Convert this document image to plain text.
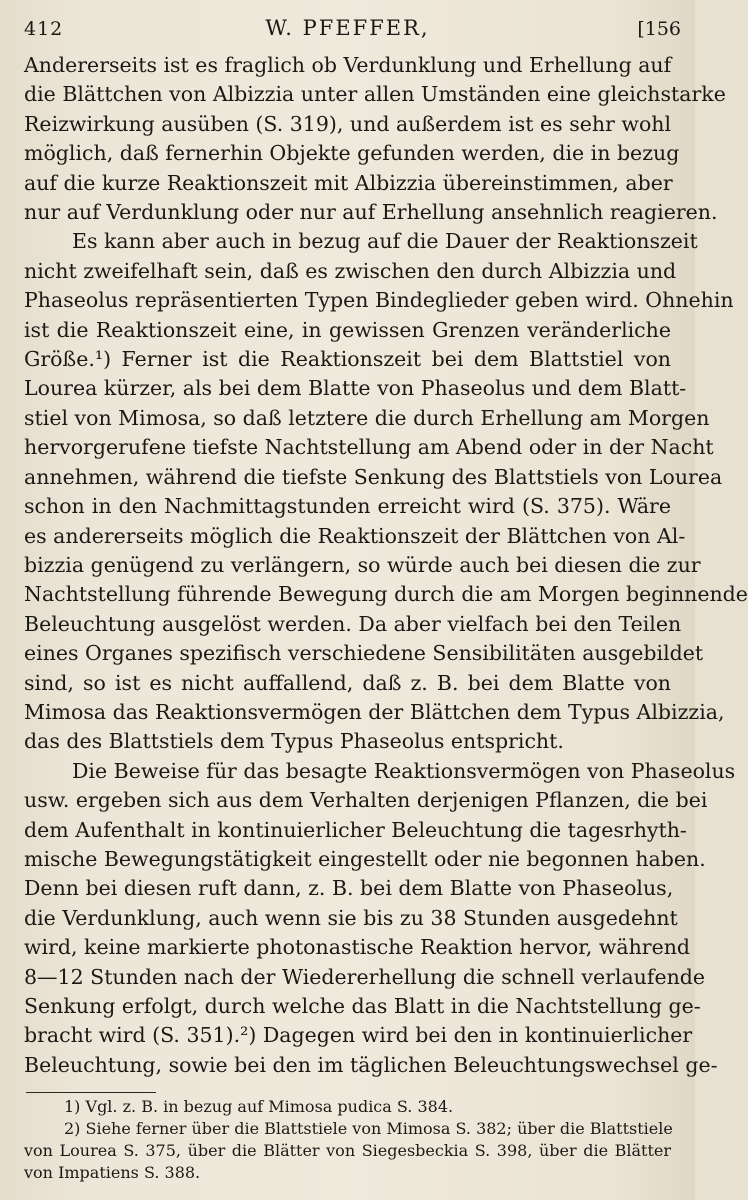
412	W. PFEFFER,	[156
Andererseits ist es fraglich ob Verdunklung und Erhellung auf
die Blättchen von Albizzia unter allen Umständen eine gleichstarke
Reizwirkung ausüben (S. 319), und außerdem ist es sehr wohl
möglich, daß fernerhin Objekte gefunden werden, die in bezug
auf die kurze Reaktionszeit mit Albizzia übereinstimmen, aber
nur auf Verdunklung oder nur auf Erhellung ansehnlich reagieren.
Es kann aber auch in bezug auf die Dauer der Reaktionszeit
nicht zweifelhaft sein, daß es zwischen den durch Albizzia und
Phaseolus repräsentierten Typen Bindeglieder geben wird. Ohnehin
ist die Reaktionszeit eine, in gewissen Grenzen veränderliche
Größe.¹) Ferner ist die Reaktionszeit bei dem Blattstiel von
Lourea kürzer, als bei dem Blatte von Phaseolus und dem Blatt-
stiel von Mimosa, so daß letztere die durch Erhellung am Morgen
hervorgerufene tiefste Nachtstellung am Abend oder in der Nacht
annehmen, während die tiefste Senkung des Blattstiels von Lourea
schon in den Nachmittagstunden erreicht wird (S. 375). Wäre
es andererseits möglich die Reaktionszeit der Blättchen von Al-
bizzia genügend zu verlängern, so würde auch bei diesen die zur
Nachtstellung führende Bewegung durch die am Morgen beginnende
Beleuchtung ausgelöst werden. Da aber vielfach bei den Teilen
eines Organes spezifisch verschiedene Sensibilitäten ausgebildet
sind, so ist es nicht auffallend, daß z. B. bei dem Blatte von
Mimosa das Reaktionsvermögen der Blättchen dem Typus Albizzia,
das des Blattstiels dem Typus Phaseolus entspricht.
Die Beweise für das besagte Reaktionsvermögen von Phaseolus
usw. ergeben sich aus dem Verhalten derjenigen Pflanzen, die bei
dem Aufenthalt in kontinuierlicher Beleuchtung die tagesrhyth-
mische Bewegungstätigkeit eingestellt oder nie begonnen haben.
Denn bei diesen ruft dann, z. B. bei dem Blatte von Phaseolus,
die Verdunklung, auch wenn sie bis zu 38 Stunden ausgedehnt
wird, keine markierte photonastische Reaktion hervor, während
8—12 Stunden nach der Wiedererhellung die schnell verlaufende
Senkung erfolgt, durch welche das Blatt in die Nachtstellung ge-
bracht wird (S. 351).²) Dagegen wird bei den in kontinuierlicher
Beleuchtung, sowie bei den im täglichen Beleuchtungswechsel ge-
1) Vgl. z. B. in bezug auf Mimosa pudica S. 384.
2) Siehe ferner über die Blattstiele von Mimosa S. 382; über die Blattstiele
von Lourea S. 375, über die Blätter von Siegesbeckia S. 398, über die Blätter
von Impatiens S. 388.
